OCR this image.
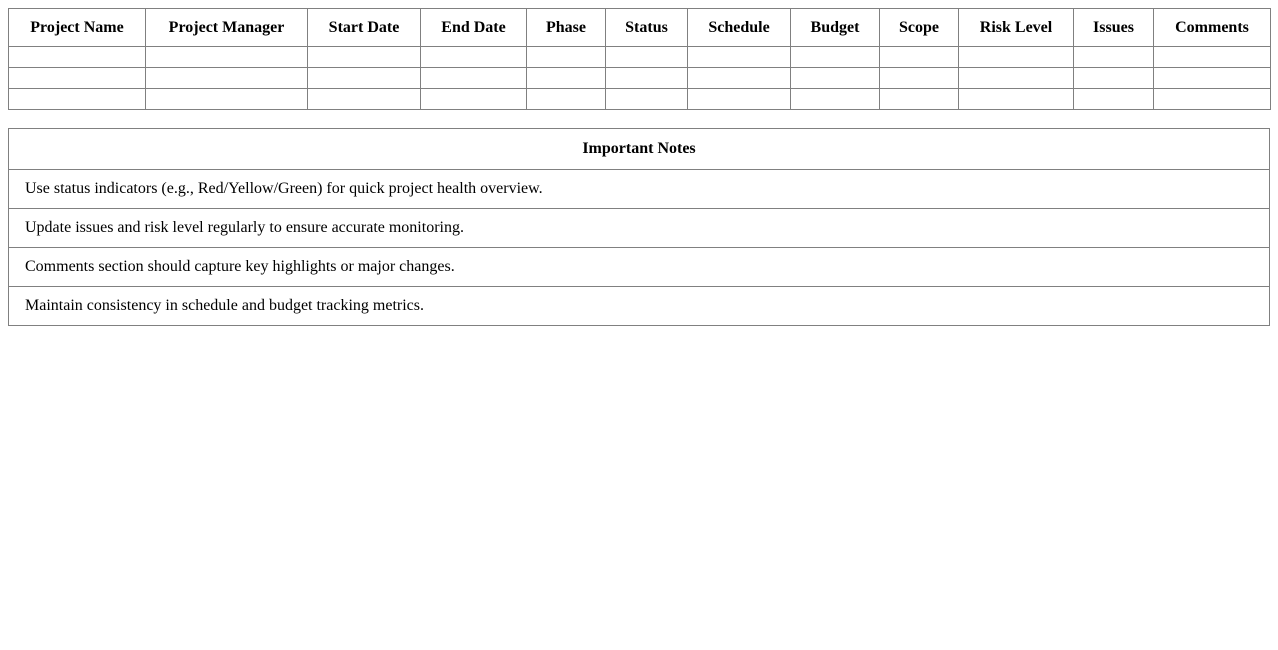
Project Name	Project Manager	Start Date	End Date	Phase	Status	Schedule	Budget	Scope	Risk Level	Issues	Comments

Important Notes
Use status indicators (e.g., Red/Yellow/Green) for quick project health overview.
Update issues and risk level regularly to ensure accurate monitoring.
Comments section should capture key highlights or major changes.
Maintain consistency in schedule and budget tracking metrics.
